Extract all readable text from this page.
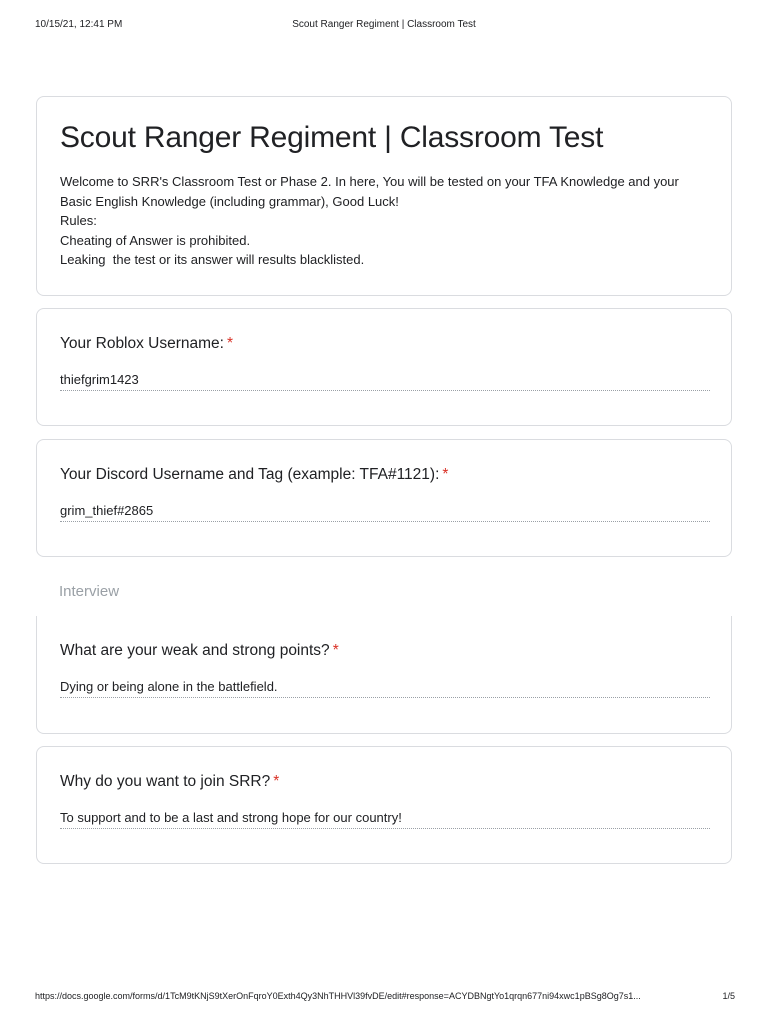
10/15/21, 12:41 PM	Scout Ranger Regiment | Classroom Test
Scout Ranger Regiment | Classroom Test
Welcome to SRR's Classroom Test or Phase 2. In here, You will be tested on your TFA Knowledge and your
Basic English Knowledge (including grammar), Good Luck!
Rules:
Cheating of Answer is prohibited.
Leaking  the test or its answer will results blacklisted.
Your Roblox Username: *
thiefgrim1423
Your Discord Username and Tag (example: TFA#1121): *
grim_thief#2865
Interview
What are your weak and strong points? *
Dying or being alone in the battlefield.
Why do you want to join SRR? *
To support and to be a last and strong hope for our country!
https://docs.google.com/forms/d/1TcM9tKNjS9tXerOnFqroY0Exth4Qy3NhTHHVl39fvDE/edit#response=ACYDBNgtYo1qrqn677ni94xwc1pBSg8Og7s1...	1/5
